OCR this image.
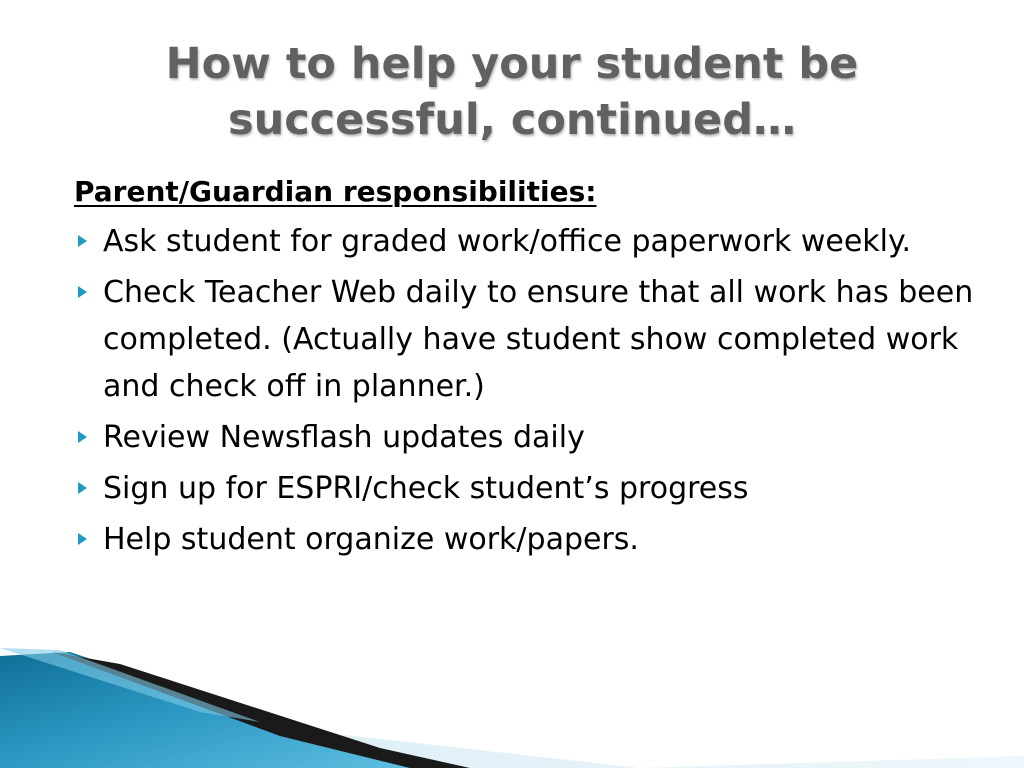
How to help your student be successful, continued…
Parent/Guardian responsibilities:
Ask student for graded work/office paperwork weekly.
Check Teacher Web daily to ensure that all work has been completed. (Actually have student show completed work and check off in planner.)
Review Newsflash updates daily
Sign up for ESPRI/check student’s progress
Help student organize work/papers.
